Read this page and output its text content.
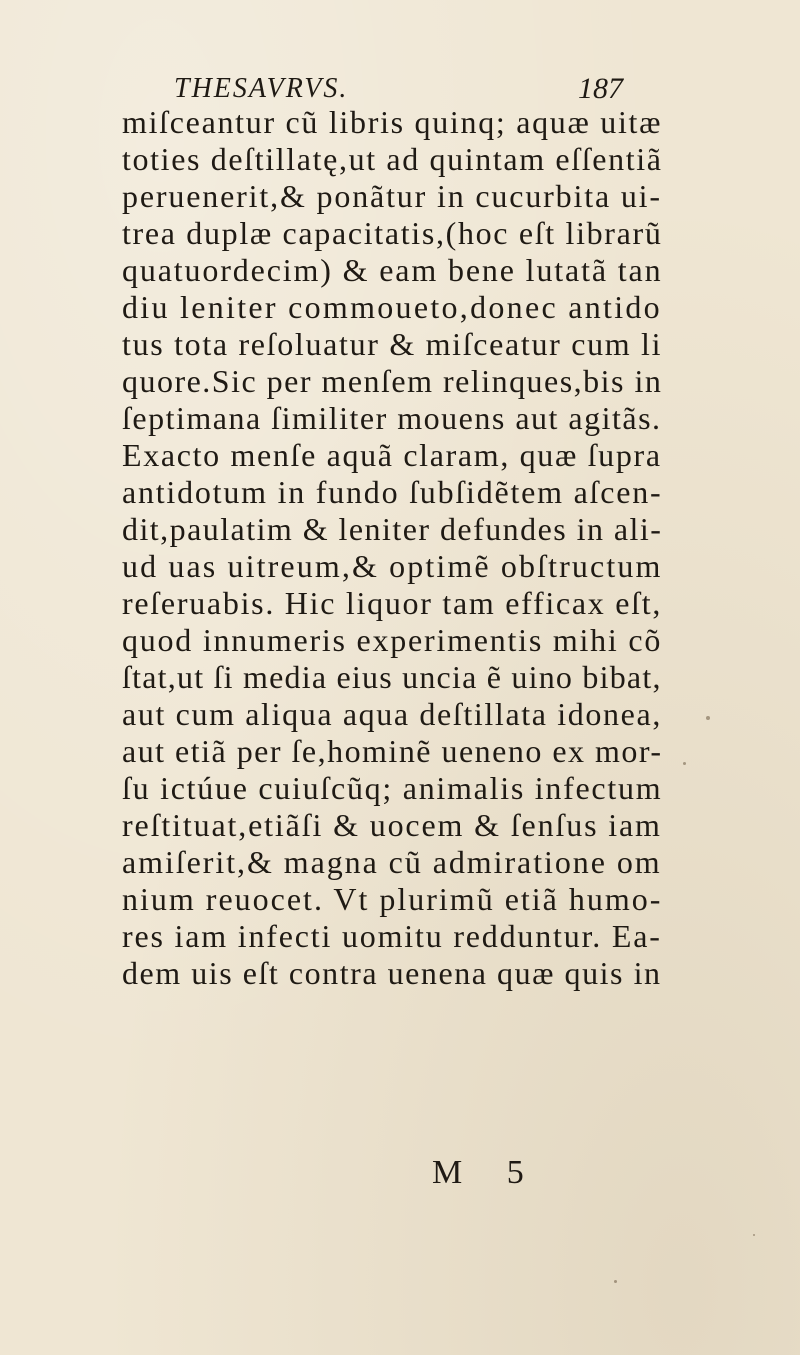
THESAVRVS.	187
miſceantur cũ libris quinq; aquæ uitæ
toties deſtillatę,ut ad quintam eſſentiã
peruenerit,& ponãtur in cucurbita ui-
trea duplæ capacitatis,(hoc eſt librarũ
quatuordecim) & eam bene lutatã tan
diu leniter commoueto,donec antido
tus tota reſoluatur & miſceatur cum li
quore.Sic per menſem relinques,bis in
ſeptimana ſimiliter mouens aut agitãs.
Exacto menſe aquã claram, quæ ſupra
antidotum in fundo ſubſidẽtem aſcen-
dit,paulatim & leniter defundes in ali-
ud uas uitreum,& optimẽ obſtructum
reſeruabis. Hic liquor tam efficax eſt,
quod innumeris experimentis mihi cõ
ſtat,ut ſi media eius uncia ẽ uino bibat,
aut cum aliqua aqua deſtillata idonea,
aut etiã per ſe,hominẽ ueneno ex mor-
ſu ictúue cuiuſcũq; animalis infectum
reſtituat,etiãſi & uocem & ſenſus iam
amiſerit,& magna cũ admiratione om
nium reuocet. Vt plurimũ etiã humo-
res iam infecti uomitu redduntur. Ea-
dem uis eſt contra uenena quæ quis in
M 5
